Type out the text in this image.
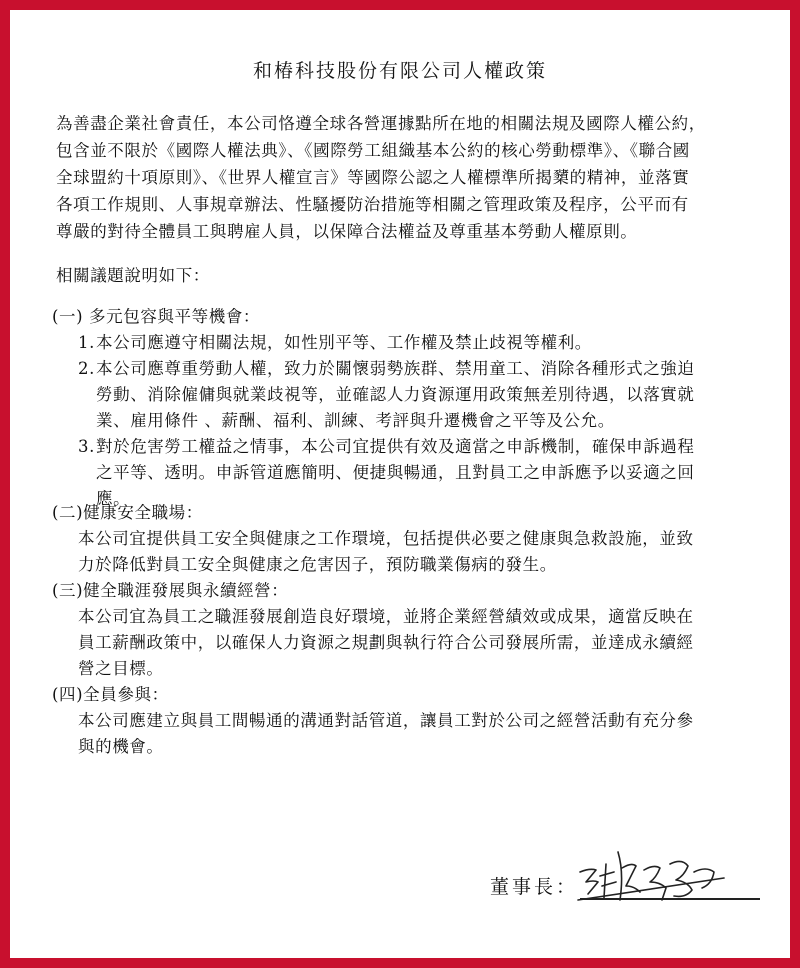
和椿科技股份有限公司人權政策
為善盡企業社會責任，本公司恪遵全球各營運據點所在地的相關法規及國際人權公約，
包含並不限於《國際人權法典》、《國際勞工組織基本公約的核心勞動標準》、《聯合國
全球盟約十項原則》、《世界人權宣言》等國際公認之人權標準所揭櫫的精神，並落實
各項工作規則、人事規章辦法、性騷擾防治措施等相關之管理政策及程序，公平而有
尊嚴的對待全體員工與聘雇人員，以保障合法權益及尊重基本勞動人權原則。
相關議題說明如下：
(一) 多元包容與平等機會：
1. 本公司應遵守相關法規，如性別平等、工作權及禁止歧視等權利。
2. 本公司應尊重勞動人權，致力於關懷弱勢族群、禁用童工、消除各種形式之強迫
勞動、消除僱傭與就業歧視等，並確認人力資源運用政策無差別待遇，以落實就
業、雇用條件 、薪酬、福利、訓練、考評與升遷機會之平等及公允。
3. 對於危害勞工權益之情事，本公司宜提供有效及適當之申訴機制，確保申訴過程
之平等、透明。申訴管道應簡明、便捷與暢通，且對員工之申訴應予以妥適之回
應。
(二)健康安全職場：
本公司宜提供員工安全與健康之工作環境，包括提供必要之健康與急救設施，並致
力於降低對員工安全與健康之危害因子，預防職業傷病的發生。
(三)健全職涯發展與永續經營：
本公司宜為員工之職涯發展創造良好環境，並將企業經營績效或成果，適當反映在
員工薪酬政策中，以確保人力資源之規劃與執行符合公司發展所需，並達成永續經
營之目標。
(四)全員參與：
本公司應建立與員工間暢通的溝通對話管道，讓員工對於公司之經營活動有充分參
與的機會。
董事長：
